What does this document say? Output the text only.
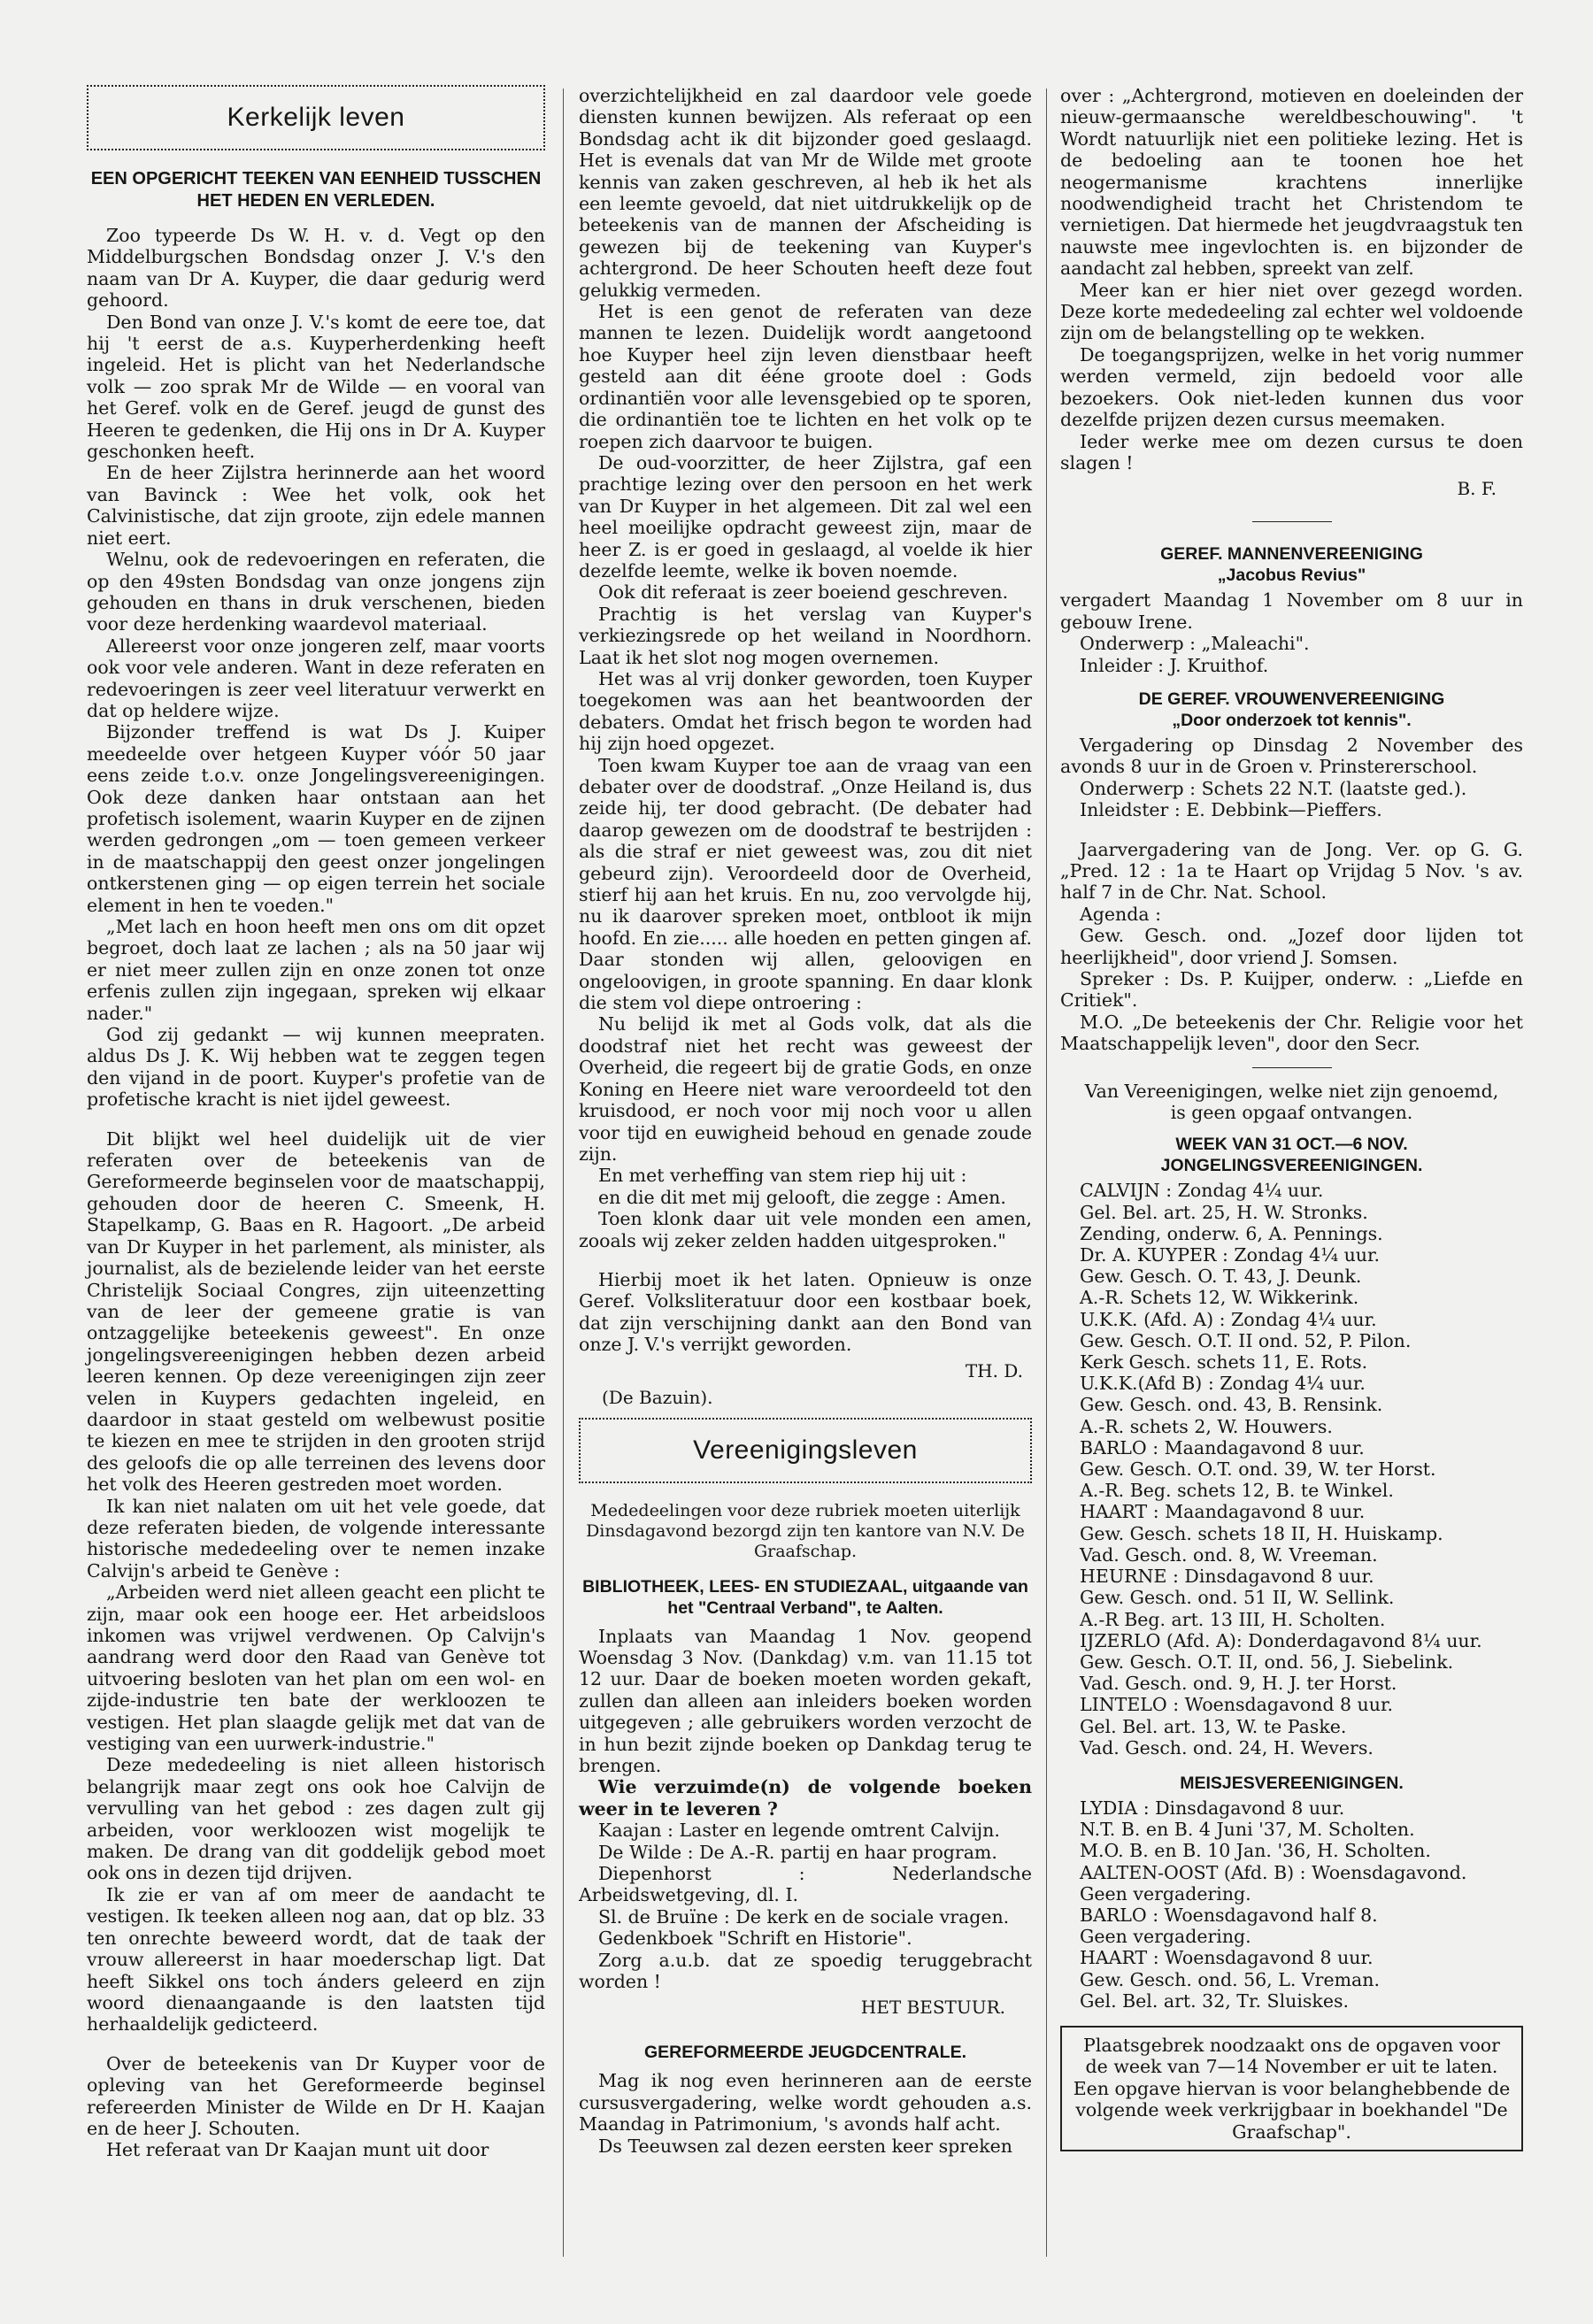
Kerkelijk leven
EEN OPGERICHT TEEKEN VAN EENHEID TUSSCHEN HET HEDEN EN VERLEDEN.

Zoo typeerde Ds W. H. v. d. Vegt op den Middelburgschen Bondsdag onzer J. V.'s den naam van Dr A. Kuyper, die daar gedurig werd gehoord.

Den Bond van onze J. V.'s komt de eere toe, dat hij 't eerst de a.s. Kuyperherdenking heeft ingeleid. Het is plicht van het Nederlandsche volk — zoo sprak Mr de Wilde — en vooral van het Geref. volk en de Geref. jeugd de gunst des Heeren te gedenken, die Hij ons in Dr A. Kuyper geschonken heeft.

En de heer Zijlstra herinnerde aan het woord van Bavinck : Wee het volk, ook het Calvinistische, dat zijn groote, zijn edele mannen niet eert.

Welnu, ook de redevoeringen en referaten, die op den 49sten Bondsdag van onze jongens zijn gehouden en thans in druk verschenen, bieden voor deze herdenking waardevol materiaal.

Allereerst voor onze jongeren zelf, maar voorts ook voor vele anderen. Want in deze referaten en redevoeringen is zeer veel literatuur verwerkt en dat op heldere wijze.

Bijzonder treffend is wat Ds J. Kuiper meedeelde over hetgeen Kuyper vóór 50 jaar eens zeide t.o.v. onze Jongelingsvereenigingen. Ook deze danken haar ontstaan aan het profetisch isolement, waarin Kuyper en de zijnen werden gedrongen „om — toen gemeen verkeer in de maatschappij den geest onzer jongelingen ontkerstenen ging — op eigen terrein het sociale element in hen te voeden."

„Met lach en hoon heeft men ons om dit opzet begroet, doch laat ze lachen ; als na 50 jaar wij er niet meer zullen zijn en onze zonen tot onze erfenis zullen zijn ingegaan, spreken wij elkaar nader."

God zij gedankt — wij kunnen meepraten. aldus Ds J. K. Wij hebben wat te zeggen tegen den vijand in de poort. Kuyper's profetie van de profetische kracht is niet ijdel geweest.

Dit blijkt wel heel duidelijk uit de vier referaten over de beteekenis van de Gereformeerde beginselen voor de maatschappij, gehouden door de heeren C. Smeenk, H. Stapelkamp, G. Baas en R. Hagoort. „De arbeid van Dr Kuyper in het parlement, als minister, als journalist, als de bezielende leider van het eerste Christelijk Sociaal Congres, zijn uiteenzetting van de leer der gemeene gratie is van ontzaggelijke beteekenis geweest". En onze jongelingsvereenigingen hebben dezen arbeid leeren kennen. Op deze vereenigingen zijn zeer velen in Kuypers gedachten ingeleid, en daardoor in staat gesteld om welbewust positie te kiezen en mee te strijden in den grooten strijd des geloofs die op alle terreinen des levens door het volk des Heeren gestreden moet worden.

Ik kan niet nalaten om uit het vele goede, dat deze referaten bieden, de volgende interessante historische mededeeling over te nemen inzake Calvijn's arbeid te Genève :

„Arbeiden werd niet alleen geacht een plicht te zijn, maar ook een hooge eer. Het arbeidsloos inkomen was vrijwel verdwenen. Op Calvijn's aandrang werd door den Raad van Genève tot uitvoering besloten van het plan om een wol- en zijde-industrie ten bate der werkloozen te vestigen. Het plan slaagde gelijk met dat van de vestiging van een uurwerk-industrie."

Deze mededeeling is niet alleen historisch belangrijk maar zegt ons ook hoe Calvijn de vervulling van het gebod : zes dagen zult gij arbeiden, voor werkloozen wist mogelijk te maken. De drang van dit goddelijk gebod moet ook ons in dezen tijd drijven.

Ik zie er van af om meer de aandacht te vestigen. Ik teeken alleen nog aan, dat op blz. 33 ten onrechte beweerd wordt, dat de taak der vrouw allereerst in haar moederschap ligt. Dat heeft Sikkel ons toch ánders geleerd en zijn woord dienaangaande is den laatsten tijd herhaaldelijk gedicteerd.

Over de beteekenis van Dr Kuyper voor de opleving van het Gereformeerde beginsel refereerden Minister de Wilde en Dr H. Kaajan en de heer J. Schouten.

Het referaat van Dr Kaajan munt uit door

overzichtelijkheid en zal daardoor vele goede diensten kunnen bewijzen. Als referaat op een Bondsdag acht ik dit bijzonder goed geslaagd. Het is evenals dat van Mr de Wilde met groote kennis van zaken geschreven, al heb ik het als een leemte gevoeld, dat niet uitdrukkelijk op de beteekenis van de mannen der Afscheiding is gewezen bij de teekening van Kuyper's achtergrond. De heer Schouten heeft deze fout gelukkig vermeden.

Het is een genot de referaten van deze mannen te lezen. Duidelijk wordt aangetoond hoe Kuyper heel zijn leven dienstbaar heeft gesteld aan dit ééne groote doel : Gods ordinantiën voor alle levensgebied op te sporen, die ordinantiën toe te lichten en het volk op te roepen zich daarvoor te buigen.

De oud-voorzitter, de heer Zijlstra, gaf een prachtige lezing over den persoon en het werk van Dr Kuyper in het algemeen. Dit zal wel een heel moeilijke opdracht geweest zijn, maar de heer Z. is er goed in geslaagd, al voelde ik hier dezelfde leemte, welke ik boven noemde.

Ook dit referaat is zeer boeiend geschreven.

Prachtig is het verslag van Kuyper's verkiezingsrede op het weiland in Noordhorn. Laat ik het slot nog mogen overnemen.

Het was al vrij donker geworden, toen Kuyper toegekomen was aan het beantwoorden der debaters. Omdat het frisch begon te worden had hij zijn hoed opgezet.

Toen kwam Kuyper toe aan de vraag van een debater over de doodstraf. „Onze Heiland is, dus zeide hij, ter dood gebracht. (De debater had daarop gewezen om de doodstraf te bestrijden : als die straf er niet geweest was, zou dit niet gebeurd zijn). Veroordeeld door de Overheid, stierf hij aan het kruis. En nu, zoo vervolgde hij, nu ik daarover spreken moet, ontbloot ik mijn hoofd. En zie..... alle hoeden en petten gingen af. Daar stonden wij allen, geloovigen en ongeloovigen, in groote spanning. En daar klonk die stem vol diepe ontroering :

Nu belijd ik met al Gods volk, dat als die doodstraf niet het recht was geweest der Overheid, die regeert bij de gratie Gods, en onze Koning en Heere niet ware veroordeeld tot den kruisdood, er noch voor mij noch voor u allen voor tijd en euwigheid behoud en genade zoude zijn.

En met verheffing van stem riep hij uit :

en die dit met mij gelooft, die zegge : Amen.

Toen klonk daar uit vele monden een amen, zooals wij zeker zelden hadden uitgesproken."

Hierbij moet ik het laten. Opnieuw is onze Geref. Volksliteratuur door een kostbaar boek, dat zijn verschijning dankt aan den Bond van onze J. V.'s verrijkt geworden.

TH. D.
(De Bazuin).
Vereenigingsleven

Mededeelingen voor deze rubriek moeten uiterlijk Dinsdagavond bezorgd zijn ten kantore van N.V. De Graafschap.

BIBLIOTHEEK, LEES- EN STUDIEZAAL, uitgaande van het "Centraal Verband", te Aalten.

Inplaats van Maandag 1 Nov. geopend Woensdag 3 Nov. (Dankdag) v.m. van 11.15 tot 12 uur. Daar de boeken moeten worden gekaft, zullen dan alleen aan inleiders boeken worden uitgegeven ; alle gebruikers worden verzocht de in hun bezit zijnde boeken op Dankdag terug te brengen.

Wie verzuimde(n) de volgende boeken weer in te leveren ?

Kaajan : Laster en legende omtrent Calvijn.

De Wilde : De A.-R. partij en haar program.

Diepenhorst : Nederlandsche Arbeidswetgeving, dl. I.

Sl. de Bruïne : De kerk en de sociale vragen.

Gedenkboek "Schrift en Historie".

Zorg a.u.b. dat ze spoedig teruggebracht worden !

HET BESTUUR.
GEREFORMEERDE JEUGDCENTRALE.

Mag ik nog even herinneren aan de eerste cursusvergadering, welke wordt gehouden a.s. Maandag in Patrimonium, 's avonds half acht.

Ds Teeuwsen zal dezen eersten keer spreken

over : „Achtergrond, motieven en doeleinden der nieuw-germaansche wereldbeschouwing". 't Wordt natuurlijk niet een politieke lezing. Het is de bedoeling aan te toonen hoe het neogermanisme krachtens innerlijke noodwendigheid tracht het Christendom te vernietigen. Dat hiermede het jeugdvraagstuk ten nauwste mee ingevlochten is. en bijzonder de aandacht zal hebben, spreekt van zelf.

Meer kan er hier niet over gezegd worden. Deze korte mededeeling zal echter wel voldoende zijn om de belangstelling op te wekken.

De toegangsprijzen, welke in het vorig nummer werden vermeld, zijn bedoeld voor alle bezoekers. Ook niet-leden kunnen dus voor dezelfde prijzen dezen cursus meemaken.

Ieder werke mee om dezen cursus te doen slagen !

B. F.
GEREF. MANNENVEREENIGING
„Jacobus Revius"

vergadert Maandag 1 November om 8 uur in gebouw Irene.

Onderwerp : „Maleachi".

Inleider : J. Kruithof.

DE GEREF. VROUWENVEREENIGING
„Door onderzoek tot kennis".

Vergadering op Dinsdag 2 November des avonds 8 uur in de Groen v. Prinstererschool.

Onderwerp : Schets 22 N.T. (laatste ged.).

Inleidster : E. Debbink—Pieffers.

Jaarvergadering van de Jong. Ver. op G. G. „Pred. 12 : 1a te Haart op Vrijdag 5 Nov. 's av. half 7 in de Chr. Nat. School.

Agenda :

Gew. Gesch. ond. „Jozef door lijden tot heerlijkheid", door vriend J. Somsen.

Spreker : Ds. P. Kuijper, onderw. : „Liefde en Critiek".

M.O. „De beteekenis der Chr. Religie voor het Maatschappelijk leven", door den Secr.

Van Vereenigingen, welke niet zijn genoemd, is geen opgaaf ontvangen.

WEEK VAN 31 OCT.—6 NOV.
JONGELINGSVEREENIGINGEN.

CALVIJN : Zondag 4¼ uur.

Gel. Bel. art. 25, H. W. Stronks.

Zending, onderw. 6, A. Pennings.

Dr. A. KUYPER : Zondag 4¼ uur.

Gew. Gesch. O. T. 43, J. Deunk.

A.-R. Schets 12, W. Wikkerink.

U.K.K. (Afd. A) : Zondag 4¼ uur.

Gew. Gesch. O.T. II ond. 52, P. Pilon.

Kerk Gesch. schets 11, E. Rots.

U.K.K.(Afd B) : Zondag 4¼ uur.

Gew. Gesch. ond. 43, B. Rensink.

A.-R. schets 2, W. Houwers.

BARLO : Maandagavond 8 uur.

Gew. Gesch. O.T. ond. 39, W. ter Horst.

A.-R. Beg. schets 12, B. te Winkel.

HAART : Maandagavond 8 uur.

Gew. Gesch. schets 18 II, H. Huiskamp.

Vad. Gesch. ond. 8, W. Vreeman.

HEURNE : Dinsdagavond 8 uur.

Gew. Gesch. ond. 51 II, W. Sellink.

A.-R Beg. art. 13 III, H. Scholten.

IJZERLO (Afd. A): Donderdagavond 8¼ uur.

Gew. Gesch. O.T. II, ond. 56, J. Siebelink.

Vad. Gesch. ond. 9, H. J. ter Horst.

LINTELO : Woensdagavond 8 uur.

Gel. Bel. art. 13, W. te Paske.

Vad. Gesch. ond. 24, H. Wevers.

MEISJESVEREENIGINGEN.

LYDIA : Dinsdagavond 8 uur.

N.T. B. en B. 4 Juni '37, M. Scholten.

M.O. B. en B. 10 Jan. '36, H. Scholten.

AALTEN-OOST (Afd. B) : Woensdagavond.

Geen vergadering.

BARLO : Woensdagavond half 8.

Geen vergadering.

HAART : Woensdagavond 8 uur.

Gew. Gesch. ond. 56, L. Vreman.

Gel. Bel. art. 32, Tr. Sluiskes.

Plaatsgebrek noodzaakt ons de opgaven voor de week van 7—14 November er uit te laten. Een opgave hiervan is voor belanghebbende de volgende week verkrijgbaar in boekhandel "De Graafschap".
